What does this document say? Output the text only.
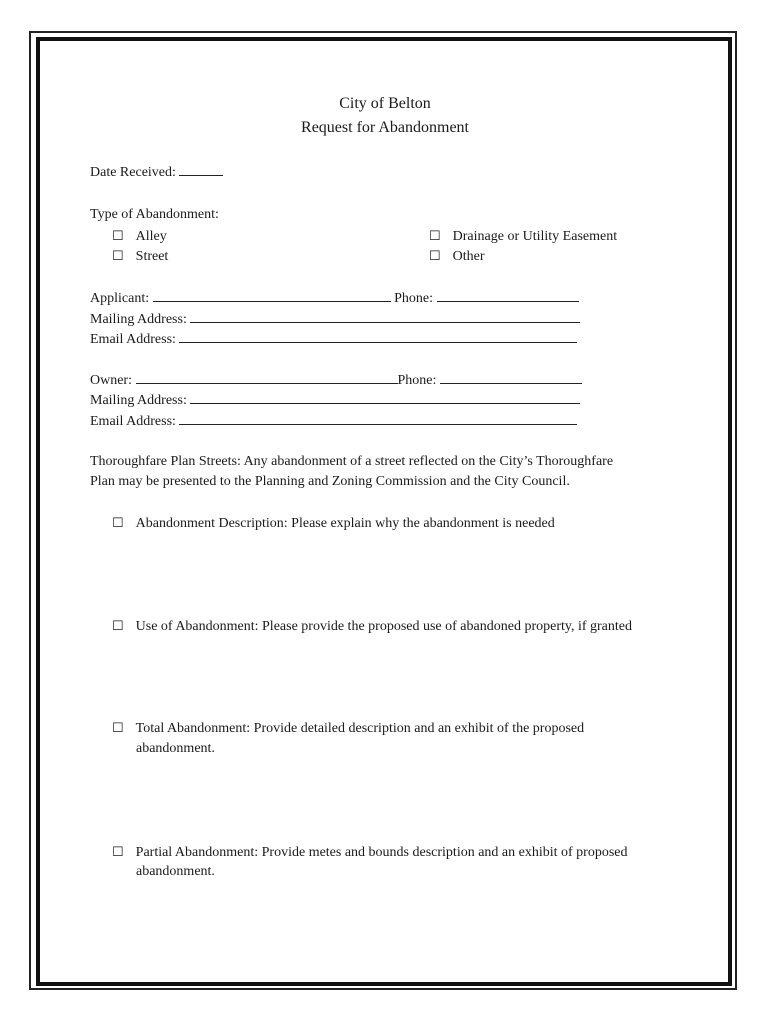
City of Belton
Request for Abandonment
Date Received:
Type of Abandonment:
☐ Alley
☐ Street
☐ Drainage or Utility Easement
☐ Other
Applicant:	Phone:
Mailing Address:
Email Address:
Owner:	Phone:
Mailing Address:
Email Address:
Thoroughfare Plan Streets: Any abandonment of a street reflected on the City’s Thoroughfare
Plan may be presented to the Planning and Zoning Commission and the City Council.
☐ Abandonment Description: Please explain why the abandonment is needed
☐ Use of Abandonment: Please provide the proposed use of abandoned property, if granted
☐ Total Abandonment: Provide detailed description and an exhibit of the proposed
abandonment.
☐ Partial Abandonment: Provide metes and bounds description and an exhibit of proposed
abandonment.
